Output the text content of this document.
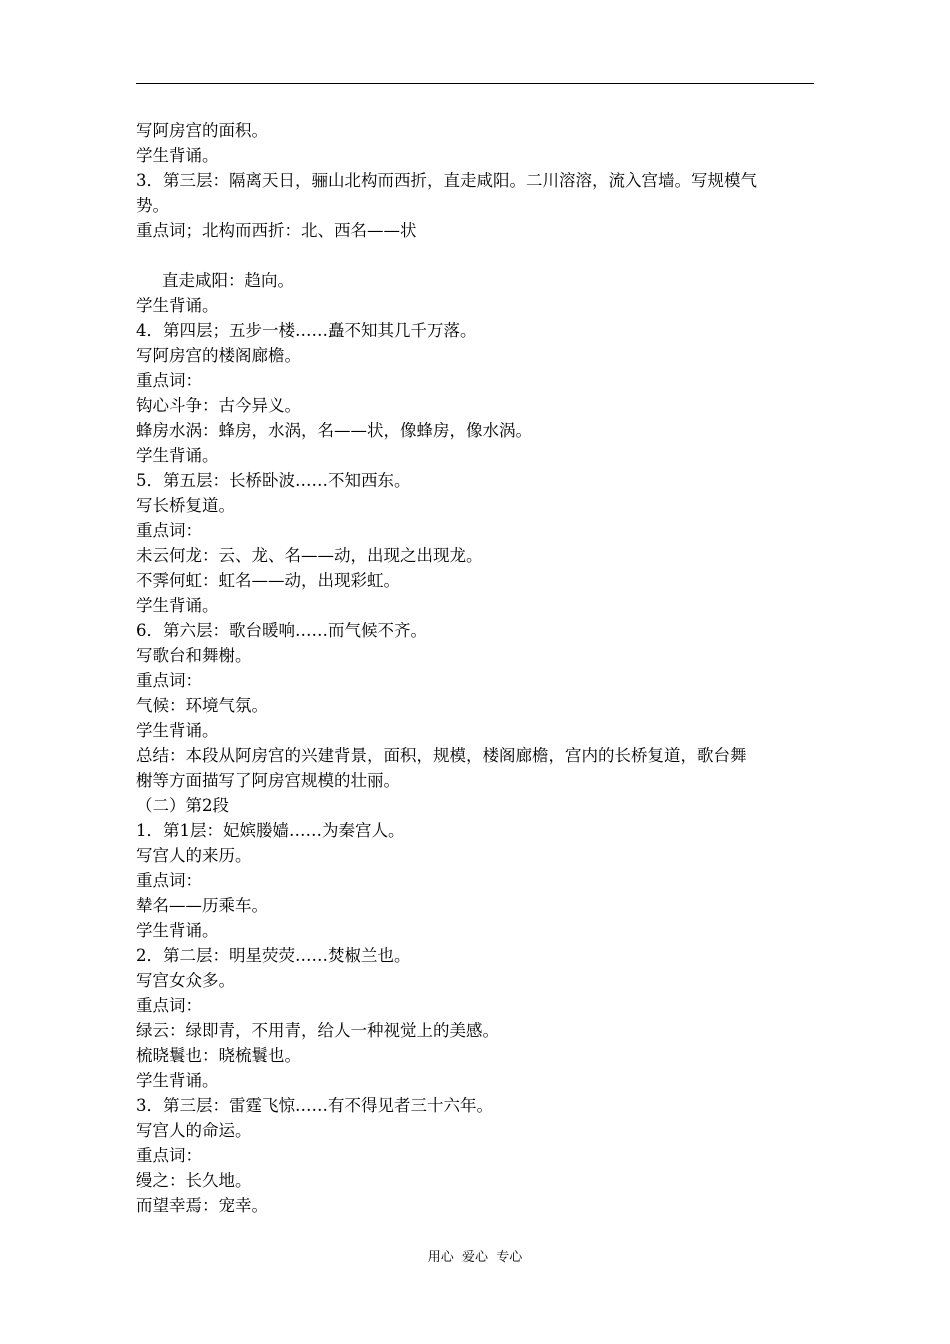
写阿房宫的面积。
学生背诵。
3．第三层：隔离天日，骊山北构而西折，直走咸阳。二川溶溶，流入宫墙。写规模气
势。
重点词；北构而西折：北、西名——状
直走咸阳：趋向。
学生背诵。
4．第四层；五步一楼……矗不知其几千万落。
写阿房宫的楼阁廊檐。
重点词：
钩心斗争：古今异义。
蜂房水涡：蜂房，水涡，名——状，像蜂房，像水涡。
学生背诵。
5．第五层：长桥卧波……不知西东。
写长桥复道。
重点词：
未云何龙：云、龙、名——动，出现之出现龙。
不霁何虹：虹名——动，出现彩虹。
学生背诵。
6．第六层：歌台暖响……而气候不齐。
写歌台和舞榭。
重点词：
气候：环境气氛。
学生背诵。
总结：本段从阿房宫的兴建背景，面积，规模，楼阁廊檐，宫内的长桥复道，歌台舞
榭等方面描写了阿房宫规模的壮丽。
（二）第2段
1．第1层：妃嫔媵嫱……为秦宫人。
写宫人的来历。
重点词：
辇名——历乘车。
学生背诵。
2．第二层：明星荧荧……焚椒兰也。
写宫女众多。
重点词：
绿云：绿即青，不用青，给人一种视觉上的美感。
梳晓鬟也：晓梳鬟也。
学生背诵。
3．第三层：雷霆飞惊……有不得见者三十六年。
写宫人的命运。
重点词：
缦之：长久地。
而望幸焉：宠幸。
用心  爱心  专心
